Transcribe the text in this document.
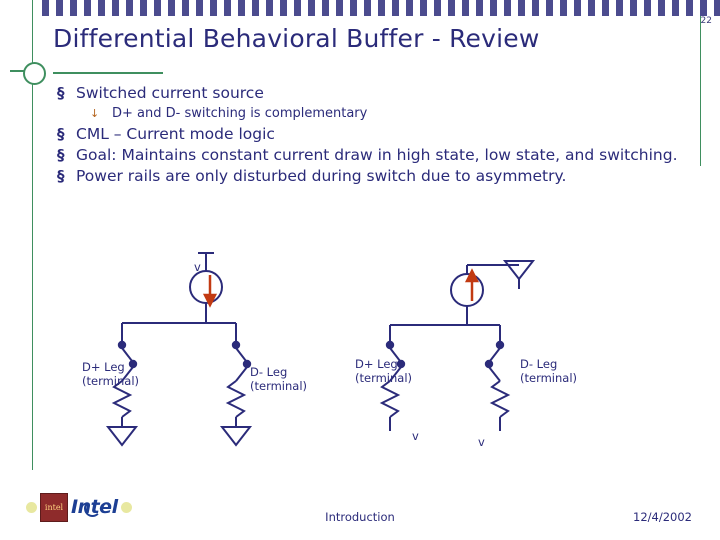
22
Differential Behavioral Buffer - Review
§ Switched current source
↓ D+ and D- switching is complementary
§ CML – Current mode logic
§ Goal: Maintains constant current draw in high state, low state, and switching.
§ Power rails are only disturbed during switch due to asymmetry.
D+ Leg
(terminal)
D- Leg
(terminal)
D+ Leg
(terminal)
D- Leg
(terminal)
v
v	v
intel Intel	Introduction	12/4/2002
